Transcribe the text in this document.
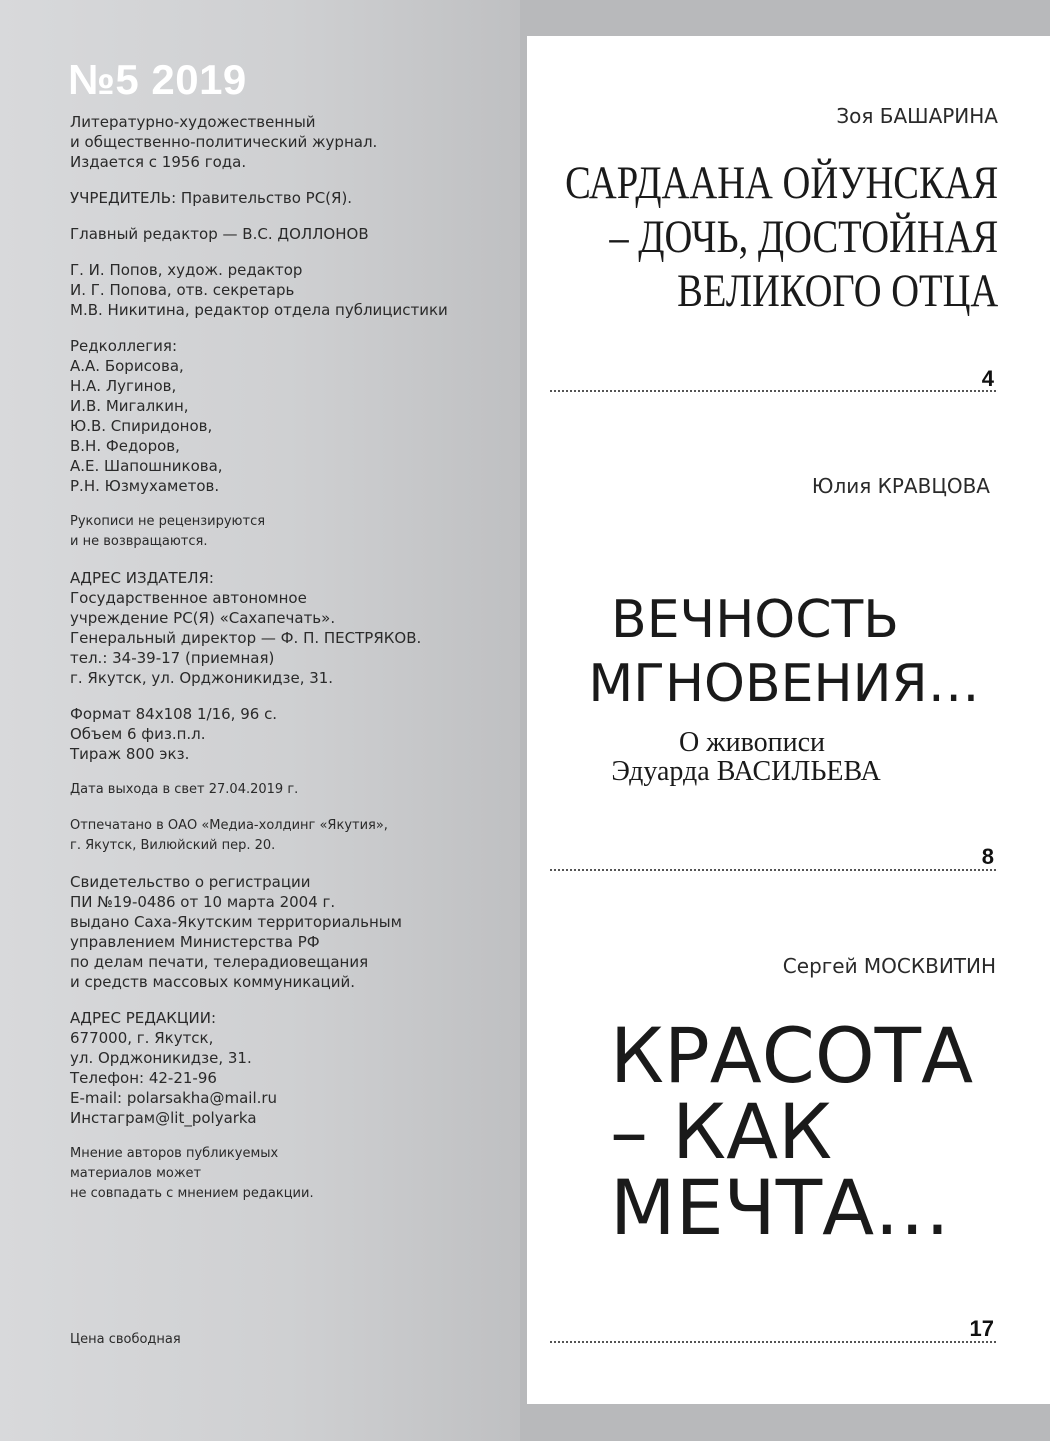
№5 2019
Литературно-художественный
и общественно-политический журнал.
Издается с 1956 года.
УЧРЕДИТЕЛЬ: Правительство РС(Я).
Главный редактор — В.С. ДОЛЛОНОВ
Г. И. Попов, худож. редактор
И. Г. Попова, отв. секретарь
М.В. Никитина, редактор отдела публицистики
Редколлегия:
А.А. Борисова,
Н.А. Лугинов,
И.В. Мигалкин,
Ю.В. Спиридонов,
В.Н. Федоров,
А.Е. Шапошникова,
Р.Н. Юзмухаметов.
Рукописи не рецензируются
и не возвращаются.
АДРЕС ИЗДАТЕЛЯ:
Государственное автономное
учреждение РС(Я) «Сахапечать».
Генеральный директор — Ф. П. ПЕСТРЯКОВ.
тел.: 34-39-17 (приемная)
г. Якутск, ул. Орджоникидзе, 31.
Формат 84х108 1/16, 96 с.
Объем 6 физ.п.л.
Тираж 800 экз.
Дата выхода в свет 27.04.2019 г.
Отпечатано в ОАО «Медиа-холдинг «Якутия»,
г. Якутск, Вилюйский пер. 20.
Свидетельство о регистрации
ПИ №19-0486 от 10 марта 2004 г.
выдано Саха-Якутским территориальным
управлением Министерства РФ
по делам печати, телерадиовещания
и средств массовых коммуникаций.
АДРЕС РЕДАКЦИИ:
677000, г. Якутск,
ул. Орджоникидзе, 31.
Телефон: 42-21-96
E-mail: polarsakha@mail.ru
Инстаграм@lit_polyarka
Мнение авторов публикуемых
материалов может
не совпадать с мнением редакции.
Цена свободная
Зоя БАШАРИНА
САРДААНА ОЙУНСКАЯ
– ДОЧЬ, ДОСТОЙНАЯ
ВЕЛИКОГО ОТЦА
4
Юлия КРАВЦОВА
ВЕЧНОСТЬ
МГНОВЕНИЯ…
О живописи
Эдуарда ВАСИЛЬЕВА
8
Сергей МОСКВИТИН
КРАСОТА
– КАК
МЕЧТА…
17
